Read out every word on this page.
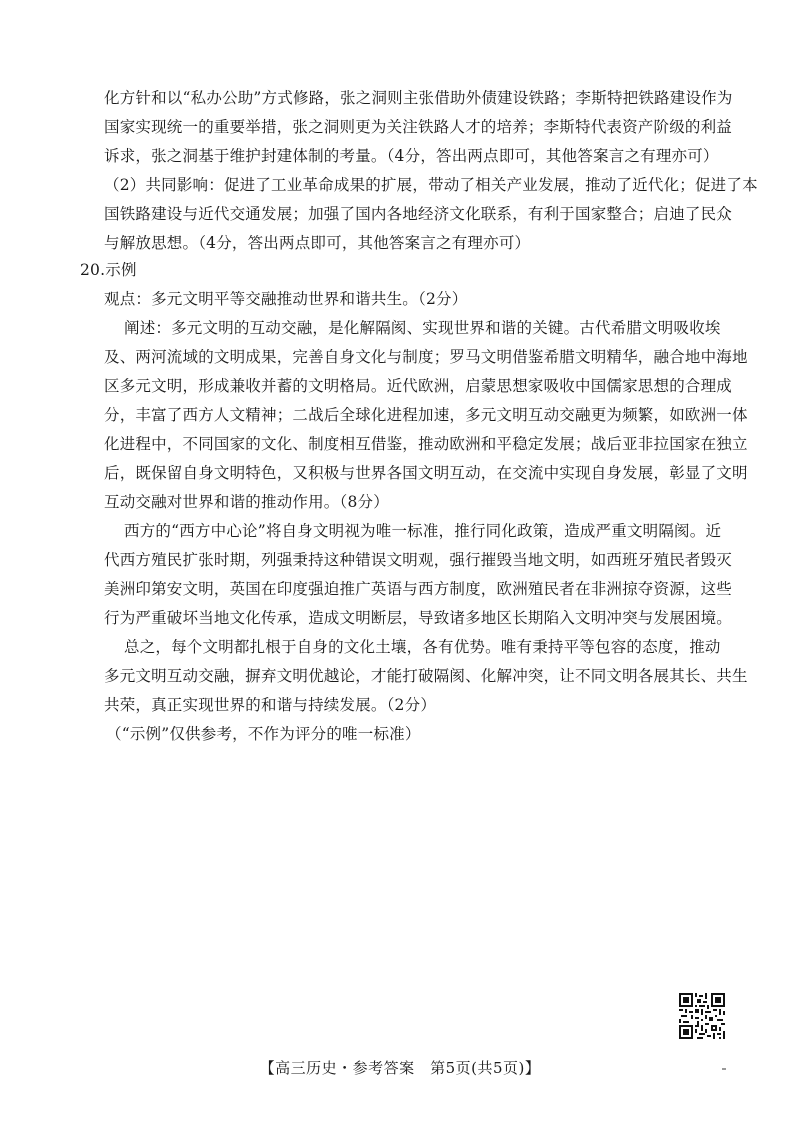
化方针和以“私办公助”方式修路，张之洞则主张借助外债建设铁路；李斯特把铁路建设作为
国家实现统一的重要举措，张之洞则更为关注铁路人才的培养；李斯特代表资产阶级的利益
诉求，张之洞基于维护封建体制的考量。（4分，答出两点即可，其他答案言之有理亦可）
（2）共同影响：促进了工业革命成果的扩展，带动了相关产业发展，推动了近代化；促进了本
国铁路建设与近代交通发展；加强了国内各地经济文化联系，有利于国家整合；启迪了民众
与解放思想。（4分，答出两点即可，其他答案言之有理亦可）
20.示例
观点：多元文明平等交融推动世界和谐共生。（2分）
阐述：多元文明的互动交融，是化解隔阂、实现世界和谐的关键。古代希腊文明吸收埃
及、两河流域的文明成果，完善自身文化与制度；罗马文明借鉴希腊文明精华，融合地中海地
区多元文明，形成兼收并蓄的文明格局。近代欧洲，启蒙思想家吸收中国儒家思想的合理成
分，丰富了西方人文精神；二战后全球化进程加速，多元文明互动交融更为频繁，如欧洲一体
化进程中，不同国家的文化、制度相互借鉴，推动欧洲和平稳定发展；战后亚非拉国家在独立
后，既保留自身文明特色，又积极与世界各国文明互动，在交流中实现自身发展，彰显了文明
互动交融对世界和谐的推动作用。（8分）
西方的“西方中心论”将自身文明视为唯一标准，推行同化政策，造成严重文明隔阂。近
代西方殖民扩张时期，列强秉持这种错误文明观，强行摧毁当地文明，如西班牙殖民者毁灭
美洲印第安文明，英国在印度强迫推广英语与西方制度，欧洲殖民者在非洲掠夺资源，这些
行为严重破坏当地文化传承，造成文明断层，导致诸多地区长期陷入文明冲突与发展困境。
总之，每个文明都扎根于自身的文化土壤，各有优势。唯有秉持平等包容的态度，推动
多元文明互动交融，摒弃文明优越论，才能打破隔阂、化解冲突，让不同文明各展其长、共生
共荣，真正实现世界的和谐与持续发展。（2分）
（“示例”仅供参考，不作为评分的唯一标准）
【高三历史・参考答案　第5页(共5页)】
